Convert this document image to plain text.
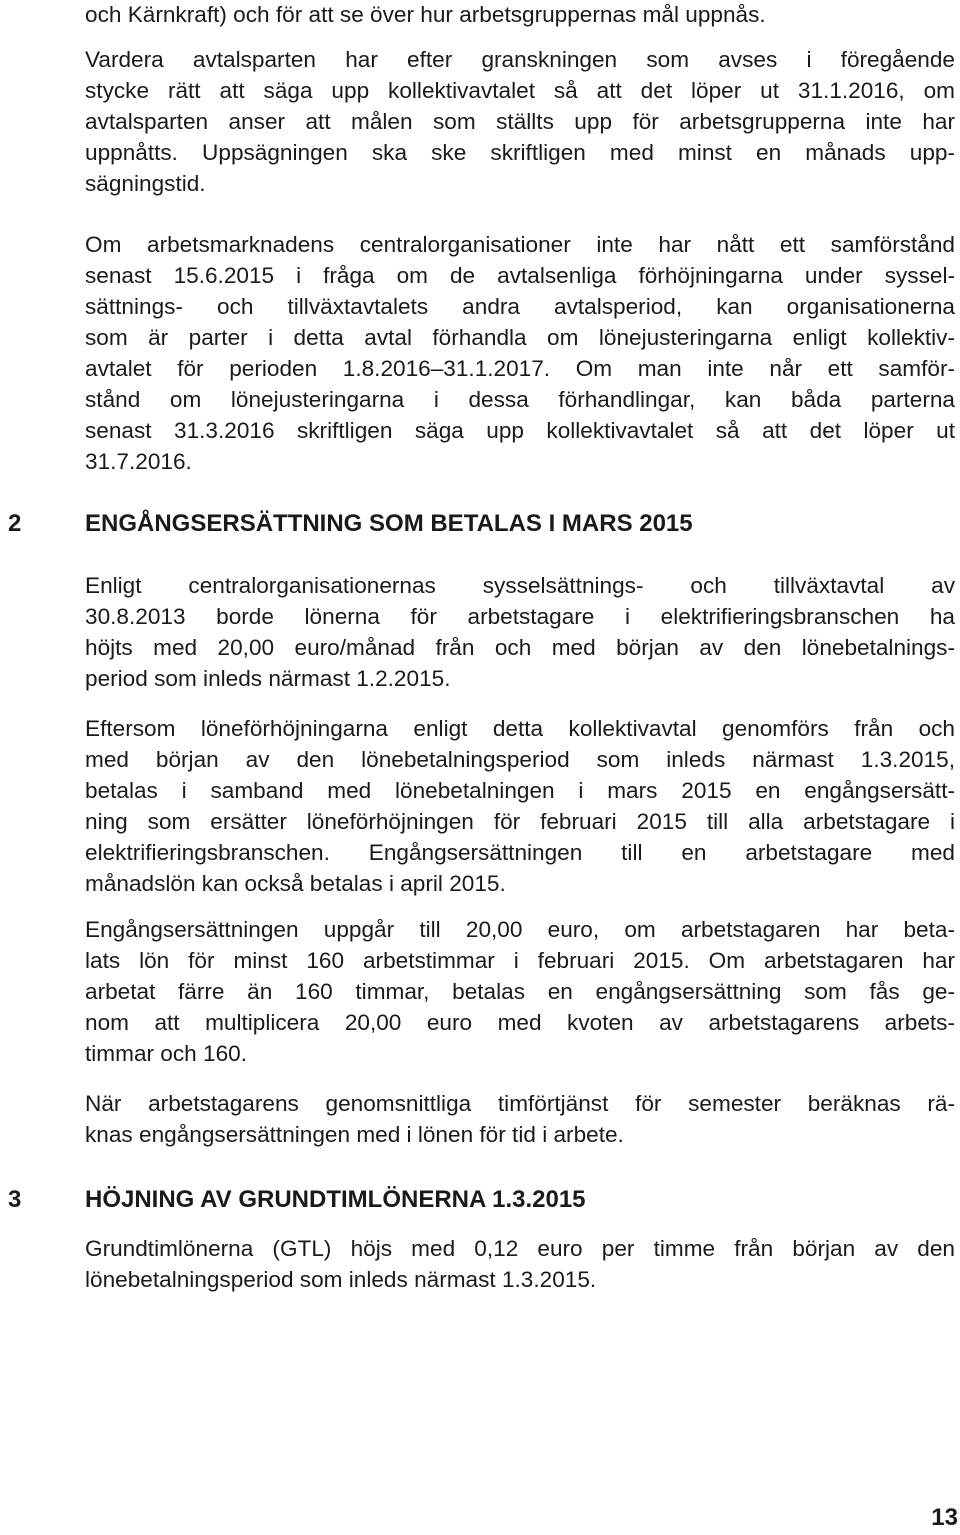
och Kärnkraft) och för att se över hur arbetsgruppernas mål uppnås.

Vardera avtalsparten har efter granskningen som avses i föregående
stycke rätt att säga upp kollektivavtalet så att det löper ut 31.1.2016, om
avtalsparten anser att målen som ställts upp för arbetsgrupperna inte har
uppnåtts. Uppsägningen ska ske skriftligen med minst en månads upp-
sägningstid.

Om arbetsmarknadens centralorganisationer inte har nått ett samförstånd
senast 15.6.2015 i fråga om de avtalsenliga förhöjningarna under syssel-
sättnings- och tillväxtavtalets andra avtalsperiod, kan organisationerna
som är parter i detta avtal förhandla om lönejusteringarna enligt kollektiv-
avtalet för perioden 1.8.2016–31.1.2017. Om man inte når ett samför-
stånd om lönejusteringarna i dessa förhandlingar, kan båda parterna
senast 31.3.2016 skriftligen säga upp kollektivavtalet så att det löper ut
31.7.2016.

2	ENGÅNGSERSÄTTNING SOM BETALAS I MARS 2015

Enligt centralorganisationernas sysselsättnings- och tillväxtavtal av
30.8.2013 borde lönerna för arbetstagare i elektrifieringsbranschen ha
höjts med 20,00 euro/månad från och med början av den lönebetalnings-
period som inleds närmast 1.2.2015.

Eftersom löneförhöjningarna enligt detta kollektivavtal genomförs från och
med början av den lönebetalningsperiod som inleds närmast 1.3.2015,
betalas i samband med lönebetalningen i mars 2015 en engångsersätt-
ning som ersätter löneförhöjningen för februari 2015 till alla arbetstagare i
elektrifieringsbranschen. Engångsersättningen till en arbetstagare med
månadslön kan också betalas i april 2015.

Engångsersättningen uppgår till 20,00 euro, om arbetstagaren har beta-
lats lön för minst 160 arbetstimmar i februari 2015. Om arbetstagaren har
arbetat färre än 160 timmar, betalas en engångsersättning som fås ge-
nom att multiplicera 20,00 euro med kvoten av arbetstagarens arbets-
timmar och 160.

När arbetstagarens genomsnittliga timförtjänst för semester beräknas rä-
knas engångsersättningen med i lönen för tid i arbete.

3	HÖJNING AV GRUNDTIMLÖNERNA 1.3.2015

Grundtimlönerna (GTL) höjs med 0,12 euro per timme från början av den
lönebetalningsperiod som inleds närmast 1.3.2015.

13
